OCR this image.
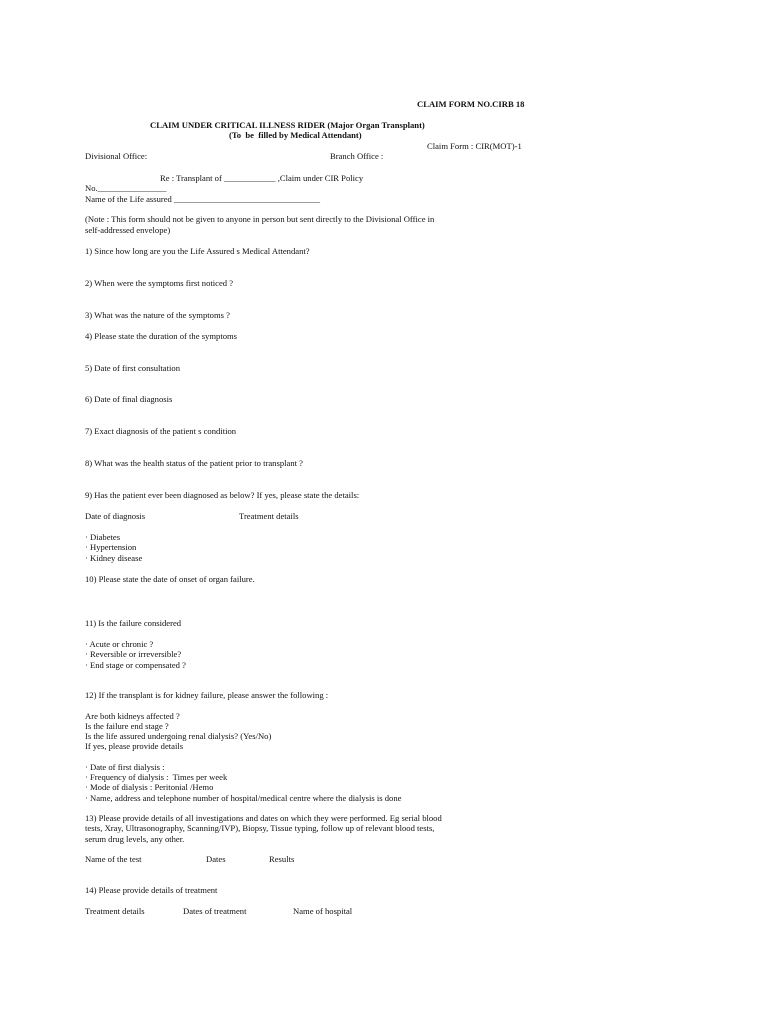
CLAIM FORM NO.CIRB 18
CLAIM UNDER CRITICAL ILLNESS RIDER (Major Organ Transplant)
(To  be  filled by Medical Attendant)
Claim Form : CIR(MOT)-1
Divisional Office:	Branch Office :
Re : Transplant of ____________ ,Claim under CIR Policy
No.________________
Name of the Life assured __________________________________
(Note : This form should not be given to anyone in person but sent directly to the Divisional Office in
self-addressed envelope)
1) Since how long are you the Life Assured s Medical Attendant?
2) When were the symptoms first noticed ?
3) What was the nature of the symptoms ?
4) Please state the duration of the symptoms
5) Date of first consultation
6) Date of final diagnosis
7) Exact diagnosis of the patient s condition
8) What was the health status of the patient prior to transplant ?
9) Has the patient ever been diagnosed as below? If yes, please state the details:
Date of diagnosis	Treatment details
· Diabetes
· Hypertension
· Kidney disease
10) Please state the date of onset of organ failure.
11) Is the failure considered
· Acute or chronic ?
· Reversible or irreversible?
· End stage or compensated ?
12) If the transplant is for kidney failure, please answer the following :
Are both kidneys affected ?
Is the failure end stage ?
Is the life assured undergoing renal dialysis? (Yes/No)
If yes, please provide details
· Date of first dialysis :
· Frequency of dialysis :  Times per week
· Mode of dialysis : Peritonial /Hemo
· Name, address and telephone number of hospital/medical centre where the dialysis is done
13) Please provide details of all investigations and dates on which they were performed. Eg serial blood
tests, Xray, Ultrasonography, Scanning/IVP), Biopsy, Tissue typing, follow up of relevant blood tests,
serum drug levels, any other.
Name of the test	Dates	Results
14) Please provide details of treatment
Treatment details	Dates of treatment	Name of hospital
